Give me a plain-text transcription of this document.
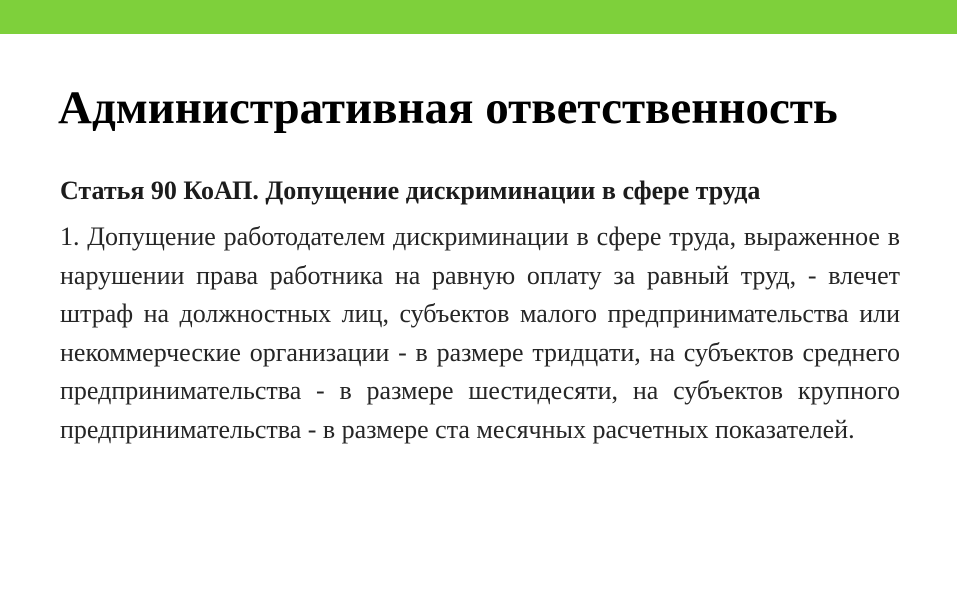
Административная ответственность

Статья 90 КоАП. Допущение дискриминации в сфере труда

1. Допущение работодателем дискриминации в сфере труда, выраженное в нарушении права работника на равную оплату за равный труд, - влечет штраф на должностных лиц, субъектов малого предпринимательства или некоммерческие организации - в размере тридцати, на субъектов среднего предпринимательства - в размере шестидесяти, на субъектов крупного предпринимательства - в размере ста месячных расчетных показателей.
